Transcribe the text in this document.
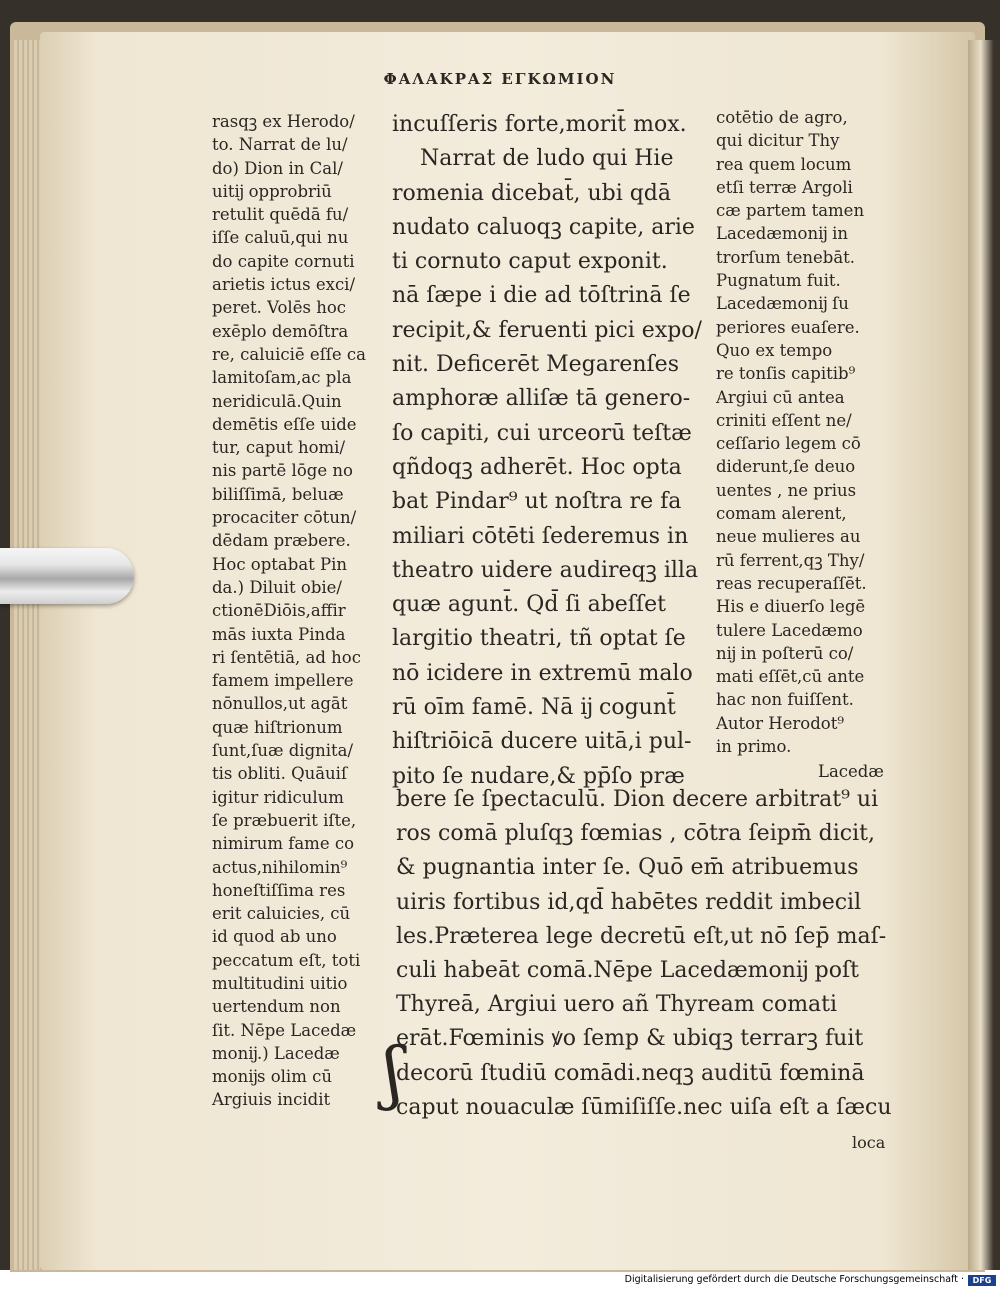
ΦΑΛΑΚΡΑΣ ΕΓΚΩΜΙΟΝ
rasqꝫ ex Herodo/
to. Narrat de lu/
do) Dion in Cal/
uitĳ opprobriū
retulit quēdā fu/
iſſe caluū,qui nu
do capite cornuti
arietis ictus exci/
peret. Volēs hoc
exēplo demōſtra
re, caluiciē eſſe ca
lamitoſam,ac pla
neridiculā.Quin
demētis eſſe uide
tur, caput homi/
nis partē lōge no
biliſſimā, beluæ
procaciter cōtun/
dēdam præbere.
Hoc optabat Pin
da.) Diluit obie/
ctionēDiōis,affir
mās iuxta Pinda
ri ſentētiā, ad hoc
famem impellere
nōnullos,ut agāt
quæ hiſtrionum
ſunt,ſuæ dignita/
tis obliti. Quāuiſ
igitur ridiculum
ſe præbuerit iſte,
nimirum fame co
actus,nihilomin⁹
honeſtiſſima res
erit caluicies, cū
id quod ab uno
peccatum eſt, toti
multitudini uitio
uertendum non
ſit. Nēpe Lacedæ
monĳ.) Lacedæ
monĳs olim cū
Argiuis incidit
incuſſeris forte,morit̄ mox.
Narrat de ludo qui Hie
romenia dicebat̄, ubi qdā
nudato caluoqꝫ capite, arie
ti cornuto caput exponit.
nā ſæpe i die ad tōſtrinā ſe
recipit,& feruenti pici expo/
nit. Deficerēt Megarenſes
amphoræ alliſæ tā genero-
ſo capiti, cui urceorū teſtæ
qñdoqꝫ adherēt. Hoc opta
bat Pindar⁹ ut noſtra re fa
miliari cōtēti ſederemus in
theatro uidere audireqꝫ illa
quæ agunt̄. Qd̄ ſi abeſſet
largitio theatri, tñ optat ſe
nō icidere in extremū malo
rū oīm famē. Nā ĳ cogunt̄
hiſtriōicā ducere uitā,i pul-
pito ſe nudare,& pp̄ſo præ
cotētio de agro,
qui dicitur Thy
rea quem locum
etſi terræ Argoli
cæ partem tamen
Lacedæmonĳ in
trorſum tenebāt.
Pugnatum fuit.
Lacedæmonĳ ſu
periores euaſere.
Quo ex tempo
re tonſis capitib⁹
Argiui cū antea
criniti eſſent ne/
ceſſario legem cō
diderunt,ſe deuo
uentes , ne prius
comam alerent,
neue mulieres au
rū ferrent,qꝫ Thy/
reas recuperaſſēt.
His e diuerſo legē
tulere Lacedæmo
nĳ in poſterū co/
mati eſſēt,cū ante
hac non fuiſſent.
Autor Herodot⁹
in primo.
Lacedæ
bere ſe ſpectaculū. Dion decere arbitrat⁹ ui
ros comā pluſqꝫ fœmias , cōtra ſeipm̄ dicit,
& pugnantia inter ſe. Quō em̄ atribuemus
uiris fortibus id,qd̄ habētes reddit imbecil
les.Præterea lege decretū eſt,ut nō ſep̄ maſ-
culi habeāt comā.Nēpe Lacedæmonĳ poſt
Thyreā, Argiui uero añ Thyream comati
erāt.Fœminis ꝟo ſemp & ubiqꝫ terrarꝫ fuit
decorū ſtudiū comādi.neqꝫ auditū fœminā
caput nouaculæ ſūmiſiſſe.nec uiſa eſt a ſæcu
ʃ
loca
Digitalisierung gefördert durch die Deutsche Forschungsgemeinschaft ·	DFG
